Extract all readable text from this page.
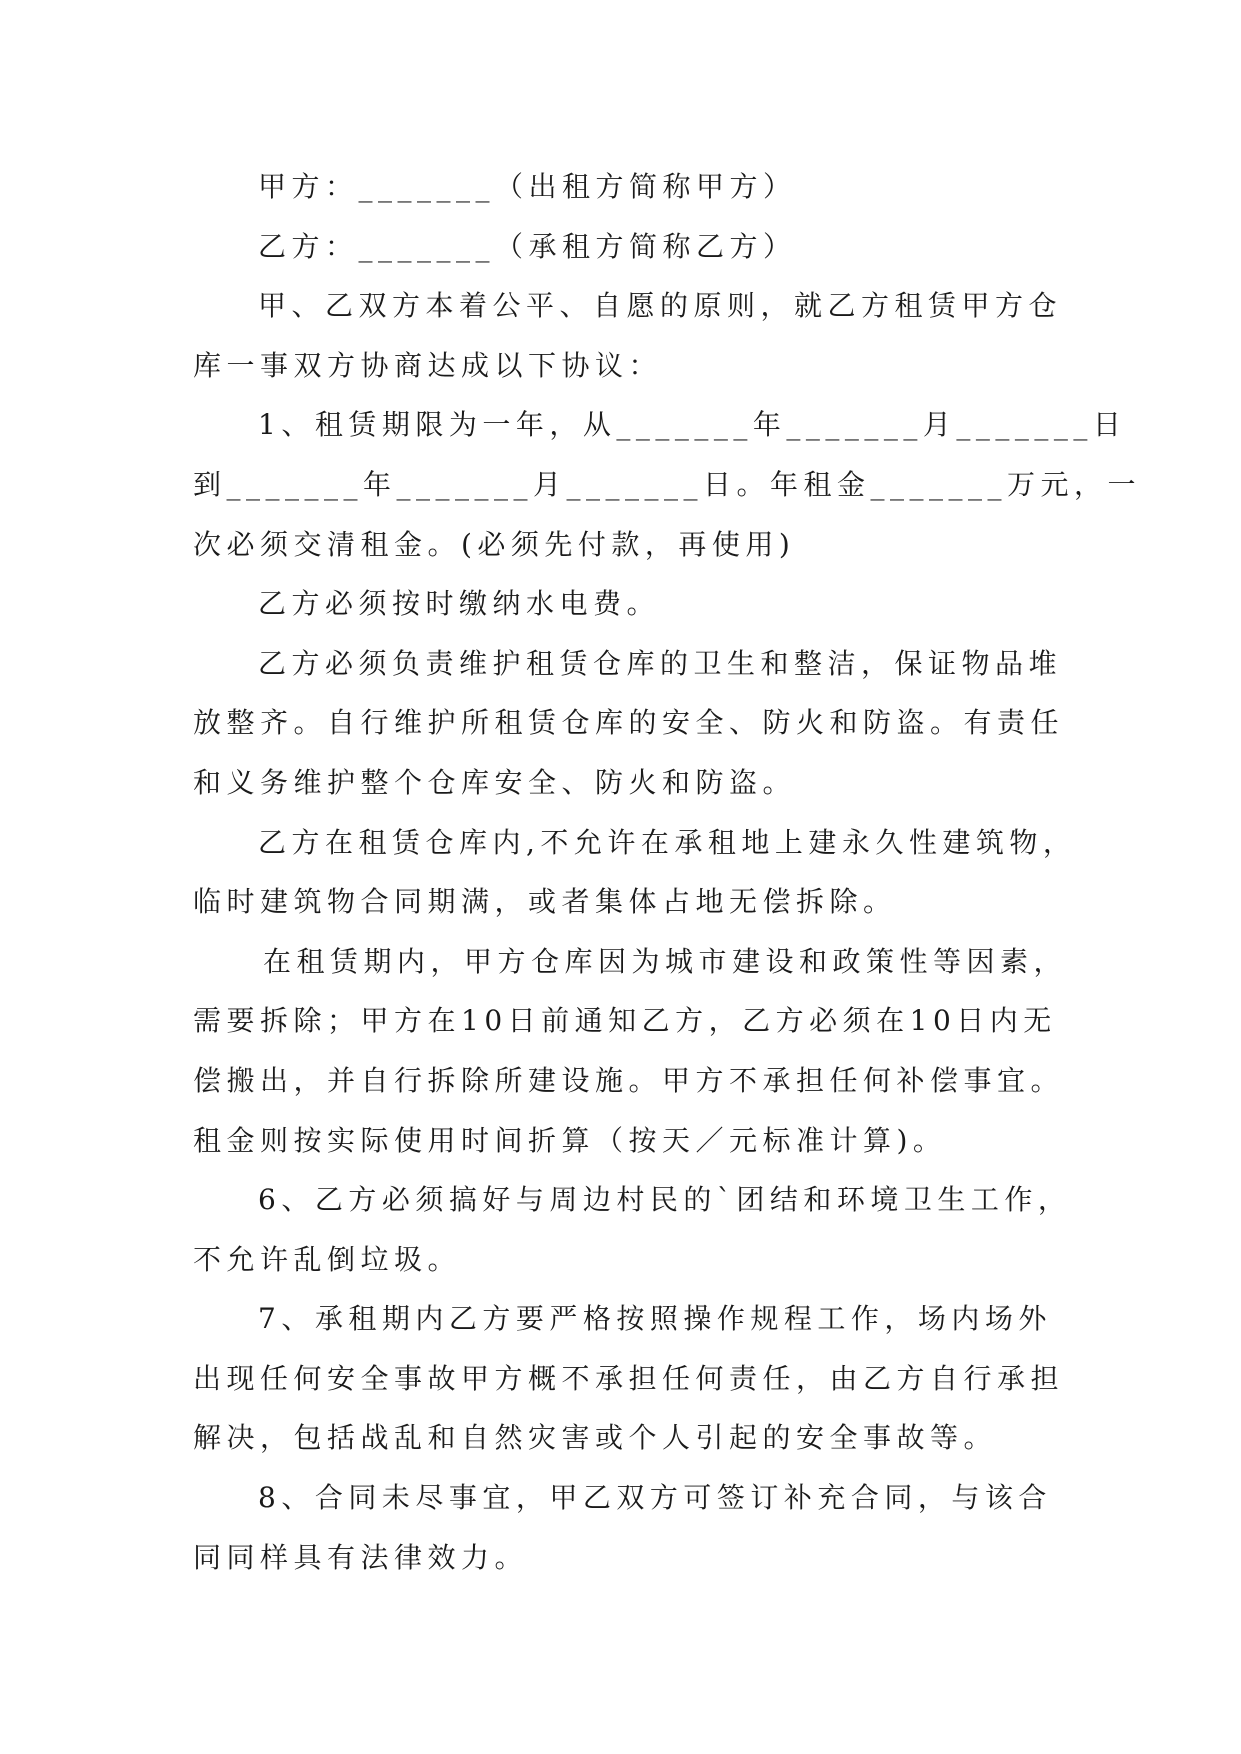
甲方：_______（出租方简称甲方）
乙方：_______（承租方简称乙方）
甲、乙双方本着公平、自愿的原则，就乙方租赁甲方仓
库一事双方协商达成以下协议：
1、租赁期限为一年，从_______年_______月_______日
到_______年_______月_______日。年租金_______万元，一
次必须交清租金。(必须先付款，再使用)
乙方必须按时缴纳水电费。
乙方必须负责维护租赁仓库的卫生和整洁，保证物品堆
放整齐。自行维护所租赁仓库的安全、防火和防盗。有责任
和义务维护整个仓库安全、防火和防盗。
乙方在租赁仓库内,不允许在承租地上建永久性建筑物，
临时建筑物合同期满，或者集体占地无偿拆除。
在租赁期内，甲方仓库因为城市建设和政策性等因素，
需要拆除；甲方在10日前通知乙方，乙方必须在10日内无
偿搬出，并自行拆除所建设施。甲方不承担任何补偿事宜。
租金则按实际使用时间折算（按天／元标准计算)。
6、乙方必须搞好与周边村民的`团结和环境卫生工作，
不允许乱倒垃圾。
7、承租期内乙方要严格按照操作规程工作，场内场外
出现任何安全事故甲方概不承担任何责任，由乙方自行承担
解决，包括战乱和自然灾害或个人引起的安全事故等。
8、合同未尽事宜，甲乙双方可签订补充合同，与该合
同同样具有法律效力。
